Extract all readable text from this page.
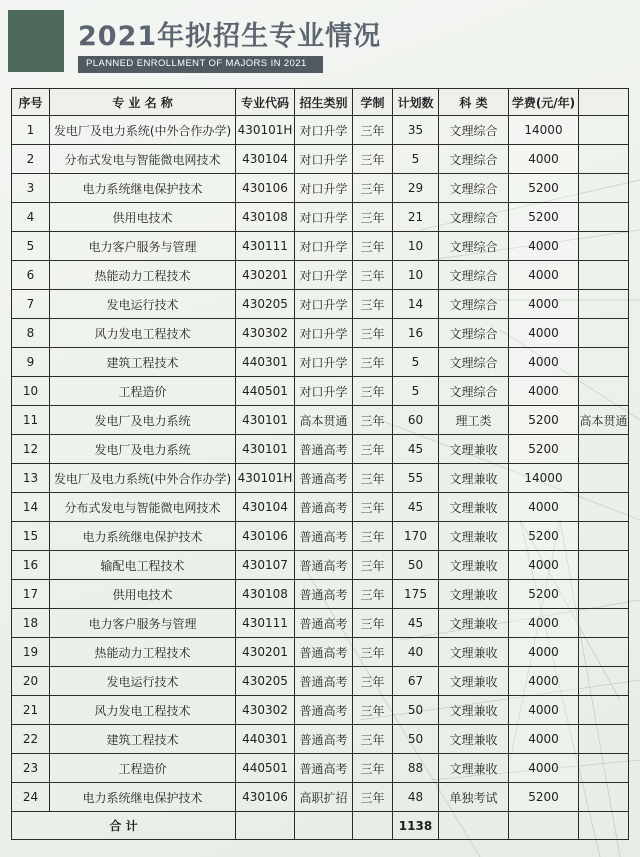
2021年拟招生专业情况
PLANNED ENROLLMENT OF MAJORS IN 2021
序号	专 业 名 称	专业代码	招生类别	学制	计划数	科 类	学费(元/年)	
1	发电厂及电力系统(中外合作办学)	430101H	对口升学	三年	35	文理综合	14000	
2	分布式发电与智能微电网技术	430104	对口升学	三年	5	文理综合	4000	
3	电力系统继电保护技术	430106	对口升学	三年	29	文理综合	5200	
4	供用电技术	430108	对口升学	三年	21	文理综合	5200	
5	电力客户服务与管理	430111	对口升学	三年	10	文理综合	4000	
6	热能动力工程技术	430201	对口升学	三年	10	文理综合	4000	
7	发电运行技术	430205	对口升学	三年	14	文理综合	4000	
8	风力发电工程技术	430302	对口升学	三年	16	文理综合	4000	
9	建筑工程技术	440301	对口升学	三年	5	文理综合	4000	
10	工程造价	440501	对口升学	三年	5	文理综合	4000	
11	发电厂及电力系统	430101	高本贯通	三年	60	理工类	5200	高本贯通
12	发电厂及电力系统	430101	普通高考	三年	45	文理兼收	5200	
13	发电厂及电力系统(中外合作办学)	430101H	普通高考	三年	55	文理兼收	14000	
14	分布式发电与智能微电网技术	430104	普通高考	三年	45	文理兼收	4000	
15	电力系统继电保护技术	430106	普通高考	三年	170	文理兼收	5200	
16	输配电工程技术	430107	普通高考	三年	50	文理兼收	4000	
17	供用电技术	430108	普通高考	三年	175	文理兼收	5200	
18	电力客户服务与管理	430111	普通高考	三年	45	文理兼收	4000	
19	热能动力工程技术	430201	普通高考	三年	40	文理兼收	4000	
20	发电运行技术	430205	普通高考	三年	67	文理兼收	4000	
21	风力发电工程技术	430302	普通高考	三年	50	文理兼收	4000	
22	建筑工程技术	440301	普通高考	三年	50	文理兼收	4000	
23	工程造价	440501	普通高考	三年	88	文理兼收	4000	
24	电力系统继电保护技术	430106	高职扩招	三年	48	单独考试	5200	
合 计					1138			
